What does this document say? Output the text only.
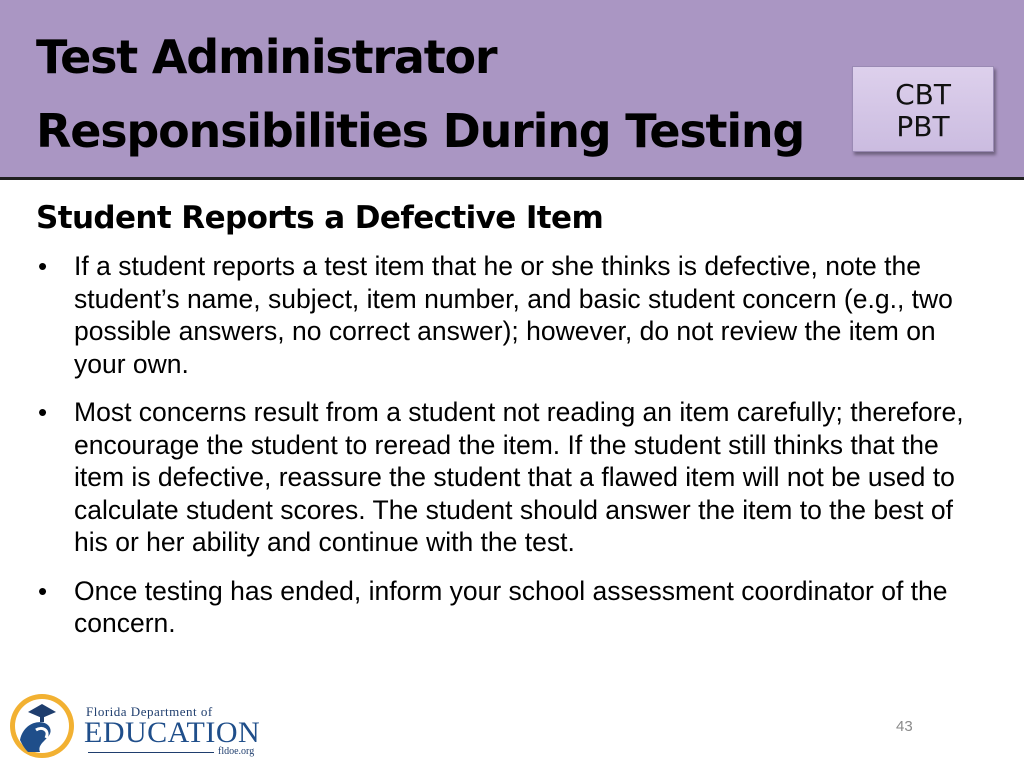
Test Administrator
Responsibilities During Testing
CBT
PBT
Student Reports a Defective Item
• If a student reports a test item that he or she thinks is defective, note the student’s name, subject, item number, and basic student concern (e.g., two possible answers, no correct answer); however, do not review the item on your own.
• Most concerns result from a student not reading an item carefully; therefore, encourage the student to reread the item. If the student still thinks that the item is defective, reassure the student that a flawed item will not be used to calculate student scores. The student should answer the item to the best of his or her ability and continue with the test.
• Once testing has ended, inform your school assessment coordinator of the concern.
Florida Department of
EDUCATION
fldoe.org
43
